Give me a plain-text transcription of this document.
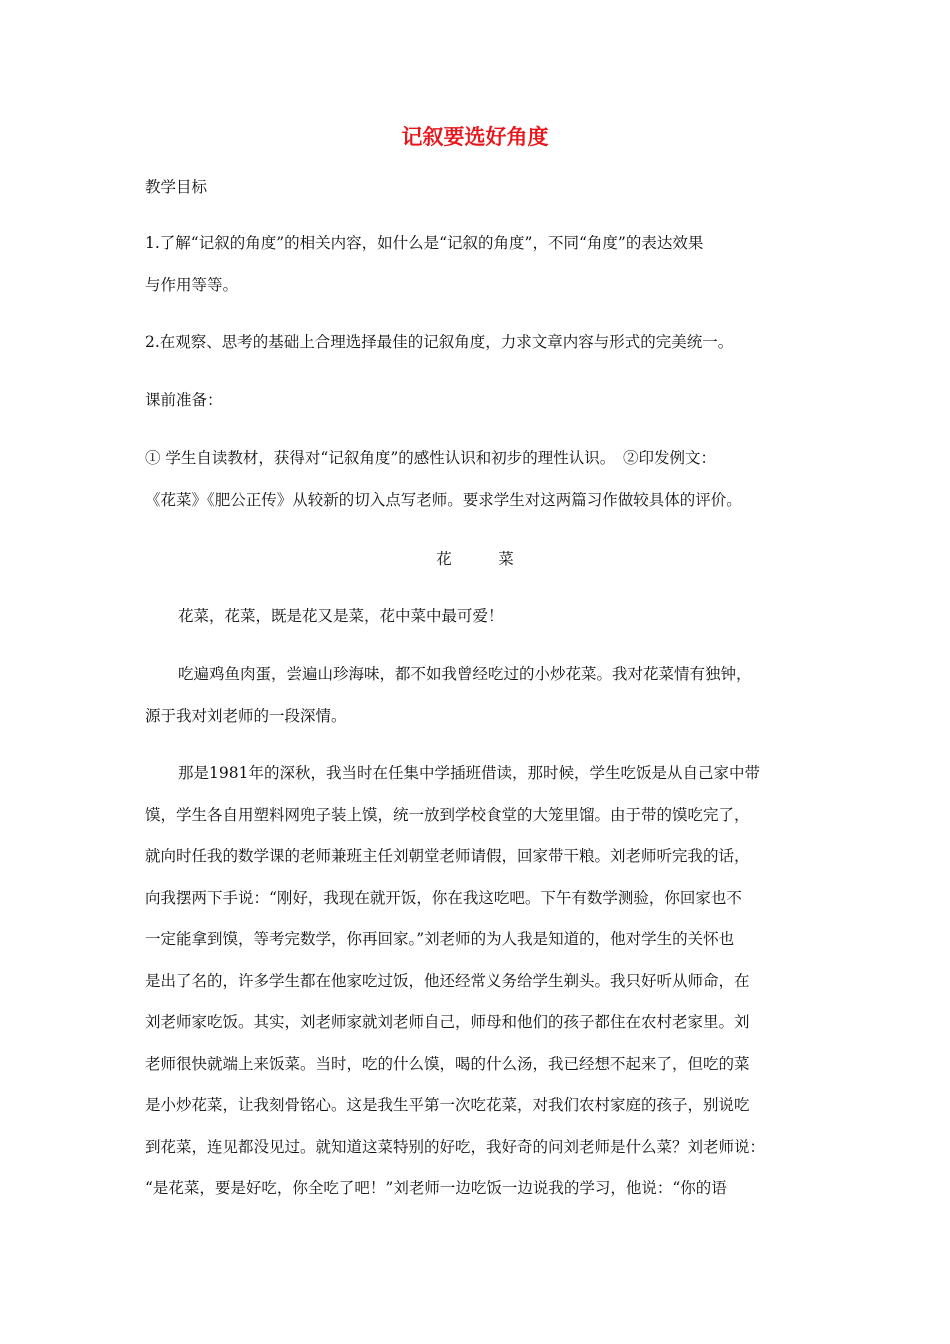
记叙要选好角度
教学目标
1.了解“记叙的角度”的相关内容，如什么是“记叙的角度”，不同“角度”的表达效果
与作用等等。
2.在观察、思考的基础上合理选择最佳的记叙角度，力求文章内容与形式的完美统一。
课前准备：
① 学生自读教材，获得对“记叙角度”的感性认识和初步的理性认识。　②印发例文：
《花菜》《肥公正传》从较新的切入点写老师。要求学生对这两篇习作做较具体的评价。
花　　　菜
花菜，花菜，既是花又是菜，花中菜中最可爱！
吃遍鸡鱼肉蛋，尝遍山珍海味，都不如我曾经吃过的小炒花菜。我对花菜情有独钟，
源于我对刘老师的一段深情。
那是1981年的深秋，我当时在任集中学插班借读，那时候，学生吃饭是从自己家中带
馍，学生各自用塑料网兜子装上馍，统一放到学校食堂的大笼里馏。由于带的馍吃完了，
就向时任我的数学课的老师兼班主任刘朝堂老师请假，回家带干粮。刘老师听完我的话，
向我摆两下手说：“刚好，我现在就开饭，你在我这吃吧。下午有数学测验，你回家也不
一定能拿到馍，等考完数学，你再回家。”刘老师的为人我是知道的，他对学生的关怀也
是出了名的，许多学生都在他家吃过饭，他还经常义务给学生剃头。我只好听从师命，在
刘老师家吃饭。其实，刘老师家就刘老师自己，师母和他们的孩子都住在农村老家里。刘
老师很快就端上来饭菜。当时，吃的什么馍，喝的什么汤，我已经想不起来了，但吃的菜
是小炒花菜，让我刻骨铭心。这是我生平第一次吃花菜，对我们农村家庭的孩子，别说吃
到花菜，连见都没见过。就知道这菜特别的好吃，我好奇的问刘老师是什么菜？刘老师说：
“是花菜，要是好吃，你全吃了吧！”刘老师一边吃饭一边说我的学习，他说：“你的语
